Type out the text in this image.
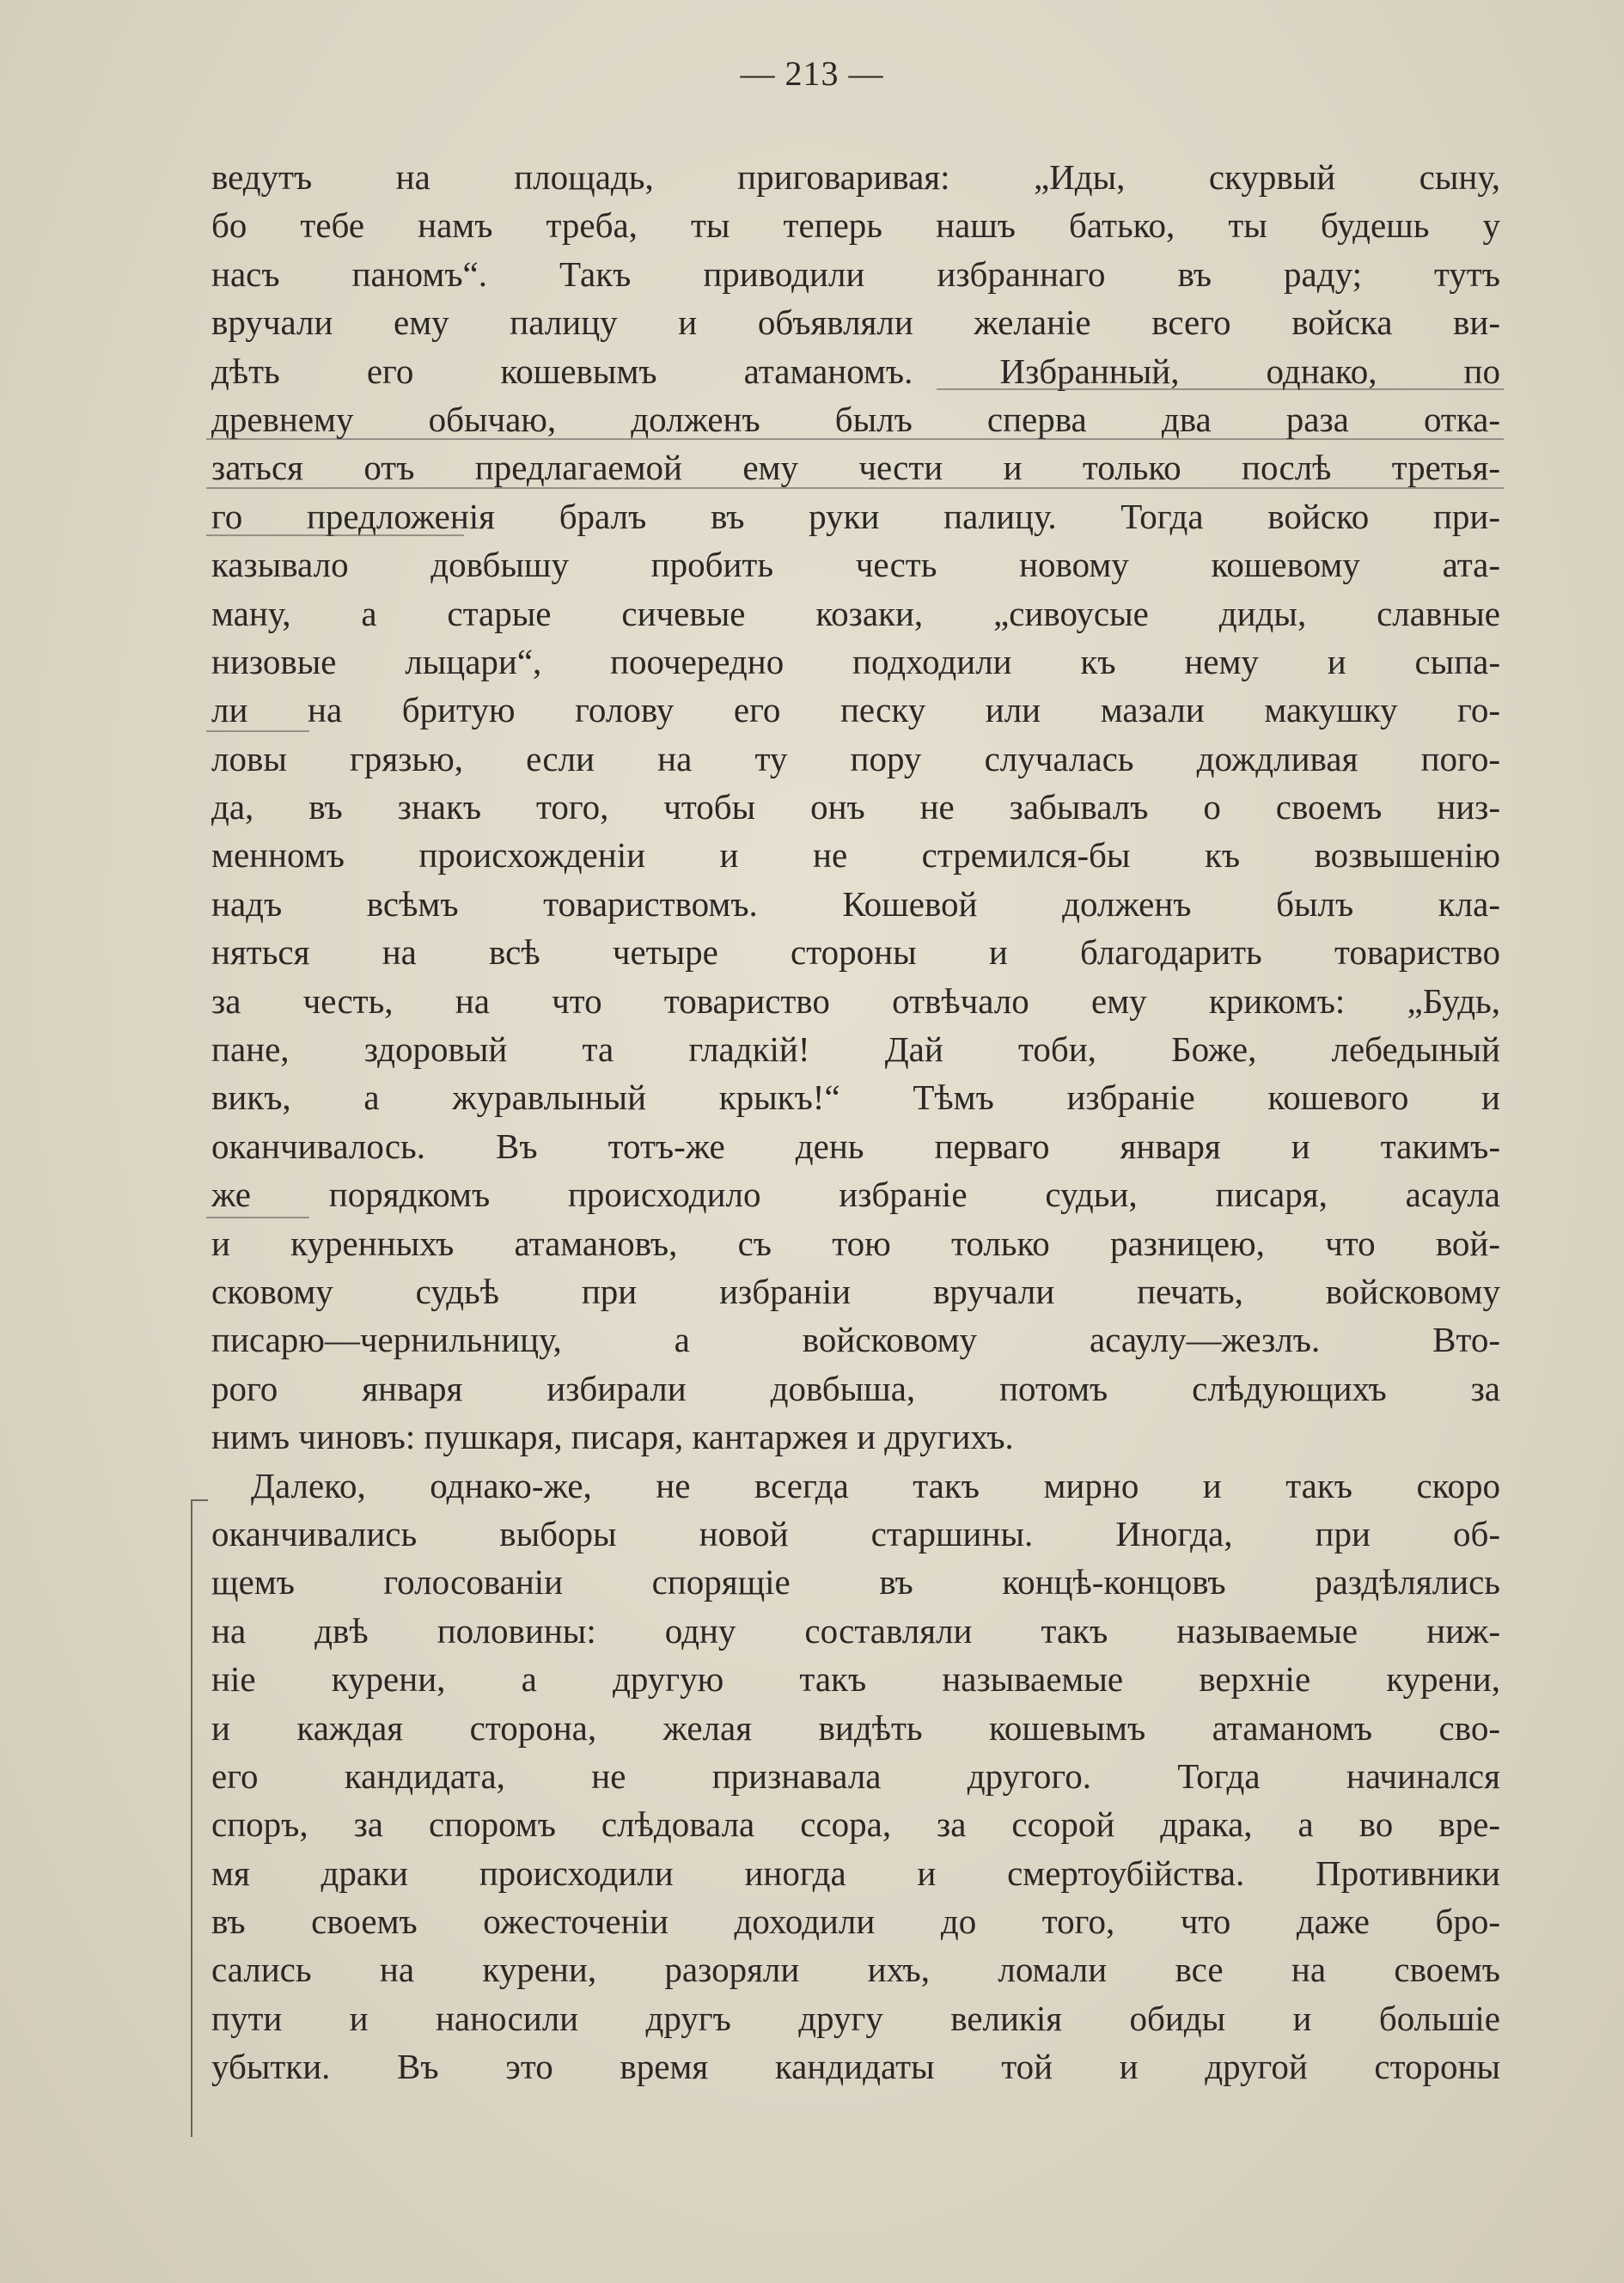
— 213 —
ведутъ на площадь, приговаривая: „Иды, скурвый сыну,
бо тебе намъ треба, ты теперь нашъ батько, ты будешь у
насъ паномъ“. Такъ приводили избраннаго въ раду; тутъ
вручали ему палицу и объявляли желаніе всего войска ви-
дѣть его кошевымъ атаманомъ. Избранный, однако, по
древнему обычаю, долженъ былъ сперва два раза отка-
заться отъ предлагаемой ему чести и только послѣ третья-
го предложенія бралъ въ руки палицу. Тогда войско при-
казывало довбышу пробить честь новому кошевому ата-
ману, а старые сичевые козаки, „сивоусые диды, славные
низовые лыцари“, поочередно подходили къ нему и сыпа-
ли на бритую голову его песку или мазали макушку го-
ловы грязью, если на ту пору случалась дождливая пого-
да, въ знакъ того, чтобы онъ не забывалъ о своемъ низ-
менномъ происхожденіи и не стремился-бы къ возвышенію
надъ всѣмъ товариствомъ. Кошевой долженъ былъ кла-
няться на всѣ четыре стороны и благодарить товариство
за честь, на что товариство отвѣчало ему крикомъ: „Будь,
пане, здоровый та гладкій! Дай тоби, Боже, лебедыный
викъ, а журавлыный крыкъ!“ Тѣмъ избраніе кошевого и
оканчивалось. Въ тотъ-же день перваго января и такимъ-
же порядкомъ происходило избраніе судьи, писаря, асаула
и куренныхъ атамановъ, съ тою только разницею, что вой-
сковому судьѣ при избраніи вручали печать, войсковому
писарю—чернильницу, а войсковому асаулу—жезлъ. Вто-
рого января избирали довбыша, потомъ слѣдующихъ за
нимъ чиновъ: пушкаря, писаря, кантаржея и другихъ.
Далеко, однако-же, не всегда такъ мирно и такъ скоро
оканчивались выборы новой старшины. Иногда, при об-
щемъ голосованіи спорящіе въ концѣ-концовъ раздѣлялись
на двѣ половины: одну составляли такъ называемые ниж-
ніе курени, а другую такъ называемые верхніе курени,
и каждая сторона, желая видѣть кошевымъ атаманомъ сво-
его кандидата, не признавала другого. Тогда начинался
споръ, за споромъ слѣдовала ссора, за ссорой драка, а во вре-
мя драки происходили иногда и смертоубійства. Противники
въ своемъ ожесточеніи доходили до того, что даже бро-
сались на курени, разоряли ихъ, ломали все на своемъ
пути и наносили другъ другу великія обиды и большіе
убытки. Въ это время кандидаты той и другой стороны
